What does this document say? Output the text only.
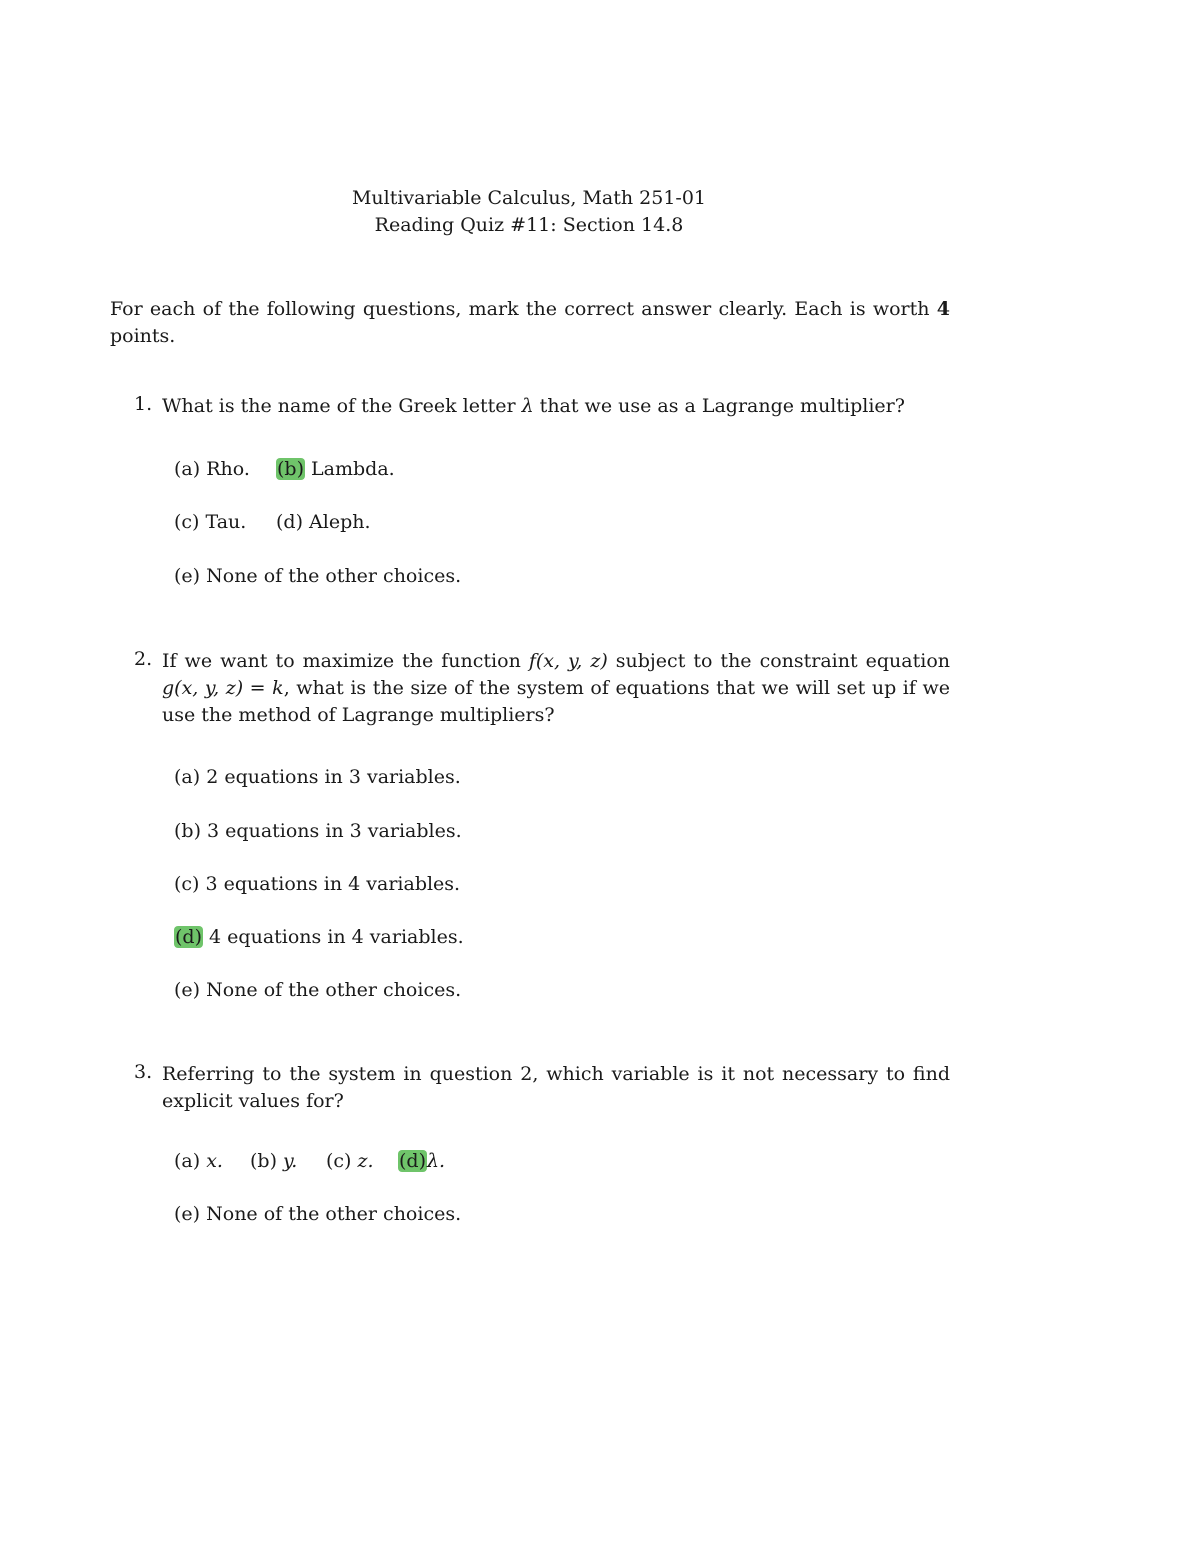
Multivariable Calculus, Math 251-01
Reading Quiz #11: Section 14.8
For each of the following questions, mark the correct answer clearly. Each is worth 4 points.
1. What is the name of the Greek letter λ that we use as a Lagrange multiplier?
(a) Rho. (b) Lambda.
(c) Tau. (d) Aleph.
(e) None of the other choices.
2. If we want to maximize the function f(x, y, z) subject to the constraint equation g(x, y, z) = k, what is the size of the system of equations that we will set up if we use the method of Lagrange multipliers?
(a) 2 equations in 3 variables.
(b) 3 equations in 3 variables.
(c) 3 equations in 4 variables.
(d) 4 equations in 4 variables.
(e) None of the other choices.
3. Referring to the system in question 2, which variable is it not necessary to find explicit values for?
(a) x. (b) y. (c) z. (d)λ.
(e) None of the other choices.
